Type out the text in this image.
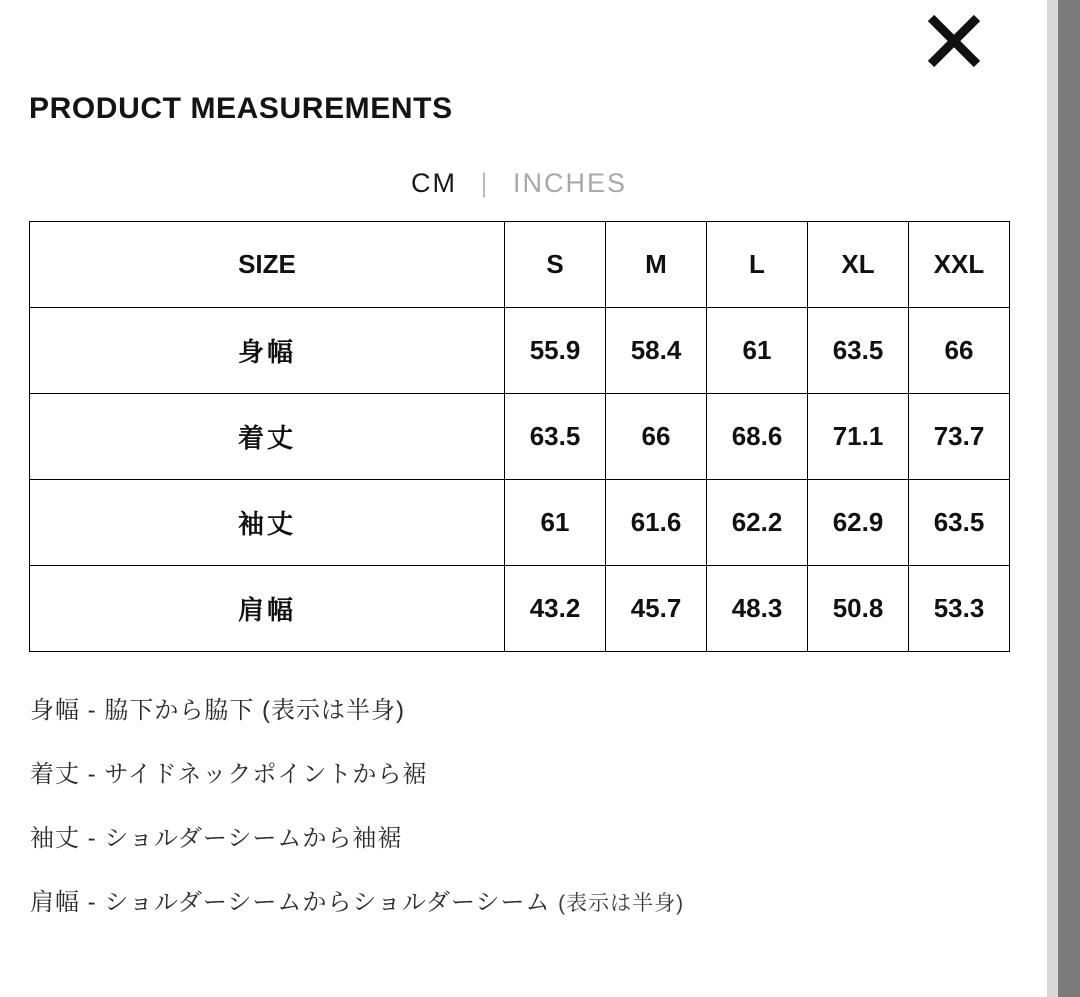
PRODUCT MEASUREMENTS
CM | INCHES
SIZE	S	M	L	XL	XXL
身幅	55.9	58.4	61	63.5	66
着丈	63.5	66	68.6	71.1	73.7
袖丈	61	61.6	62.2	62.9	63.5
肩幅	43.2	45.7	48.3	50.8	53.3
身幅 - 脇下から脇下 (表示は半身)
着丈 - サイドネックポイントから裾
袖丈 - ショルダーシームから袖裾
肩幅 - ショルダーシームからショルダーシーム (表示は半身)
